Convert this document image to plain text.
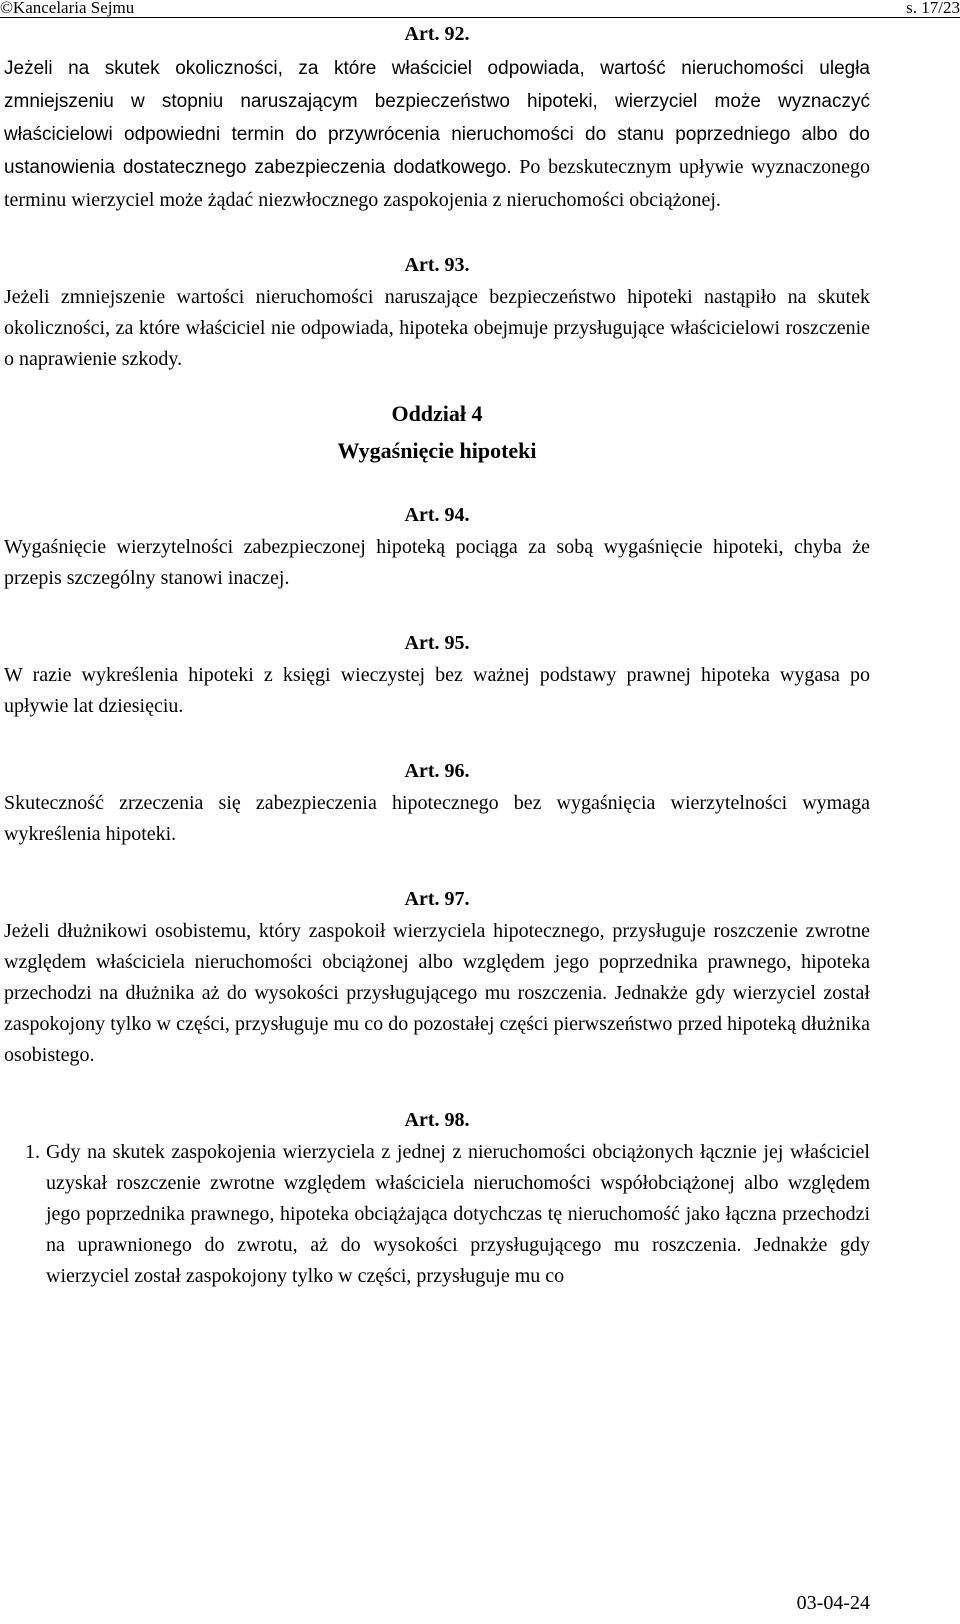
©Kancelaria Sejmu	s. 17/23
Art. 92.
Jeżeli na skutek okoliczności, za które właściciel odpowiada, wartość nieruchomości uległa zmniejszeniu w stopniu naruszającym bezpieczeństwo hipoteki, wierzyciel może wyznaczyć właścicielowi odpowiedni termin do przywrócenia nieruchomości do stanu poprzedniego albo do ustanowienia dostatecznego zabezpieczenia dodatkowego. Po bezskutecznym upływie wyznaczonego terminu wierzyciel może żądać niezwłocznego zaspokojenia z nieruchomości obciążonej.
Art. 93.
Jeżeli zmniejszenie wartości nieruchomości naruszające bezpieczeństwo hipoteki nastąpiło na skutek okoliczności, za które właściciel nie odpowiada, hipoteka obejmuje przysługujące właścicielowi roszczenie o naprawienie szkody.
Oddział 4
Wygaśnięcie hipoteki
Art. 94.
Wygaśnięcie wierzytelności zabezpieczonej hipoteką pociąga za sobą wygaśnięcie hipoteki, chyba że przepis szczególny stanowi inaczej.
Art. 95.
W razie wykreślenia hipoteki z księgi wieczystej bez ważnej podstawy prawnej hipoteka wygasa po upływie lat dziesięciu.
Art. 96.
Skuteczność zrzeczenia się zabezpieczenia hipotecznego bez wygaśnięcia wierzytelności wymaga wykreślenia hipoteki.
Art. 97.
Jeżeli dłużnikowi osobistemu, który zaspokoił wierzyciela hipotecznego, przysługuje roszczenie zwrotne względem właściciela nieruchomości obciążonej albo względem jego poprzednika prawnego, hipoteka przechodzi na dłużnika aż do wysokości przysługującego mu roszczenia. Jednakże gdy wierzyciel został zaspokojony tylko w części, przysługuje mu co do pozostałej części pierwszeństwo przed hipoteką dłużnika osobistego.
Art. 98.
1. Gdy na skutek zaspokojenia wierzyciela z jednej z nieruchomości obciążonych łącznie jej właściciel uzyskał roszczenie zwrotne względem właściciela nieruchomości współobciążonej albo względem jego poprzednika prawnego, hipoteka obciążająca dotychczas tę nieruchomość jako łączna przechodzi na uprawnionego do zwrotu, aż do wysokości przysługującego mu roszczenia. Jednakże gdy wierzyciel został zaspokojony tylko w części, przysługuje mu co
03-04-24
